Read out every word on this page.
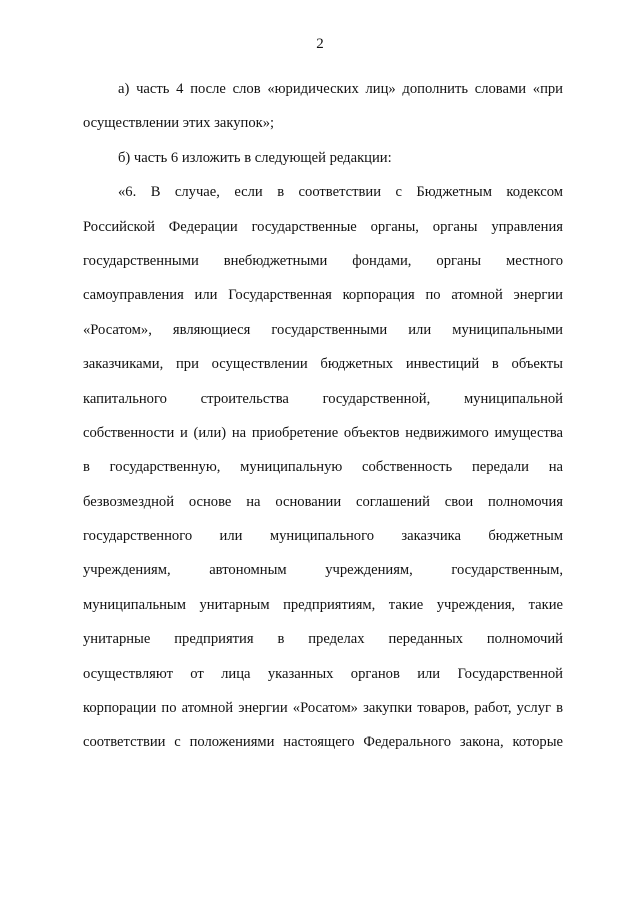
2
а) часть 4 после слов «юридических лиц» дополнить словами «при
осуществлении этих закупок»;
б) часть 6 изложить в следующей редакции:
«6. В случае, если в соответствии с Бюджетным кодексом
Российской Федерации государственные органы, органы управления
государственными внебюджетными фондами, органы местного
самоуправления или Государственная корпорация по атомной энергии
«Росатом», являющиеся государственными или муниципальными
заказчиками, при осуществлении бюджетных инвестиций в объекты
капитального строительства государственной, муниципальной
собственности и (или) на приобретение объектов недвижимого имущества
в государственную, муниципальную собственность передали на
безвозмездной основе на основании соглашений свои полномочия
государственного или муниципального заказчика бюджетным
учреждениям, автономным учреждениям, государственным,
муниципальным унитарным предприятиям, такие учреждения, такие
унитарные предприятия в пределах переданных полномочий
осуществляют от лица указанных органов или Государственной
корпорации по атомной энергии «Росатом» закупки товаров, работ, услуг в
соответствии с положениями настоящего Федерального закона, которые
